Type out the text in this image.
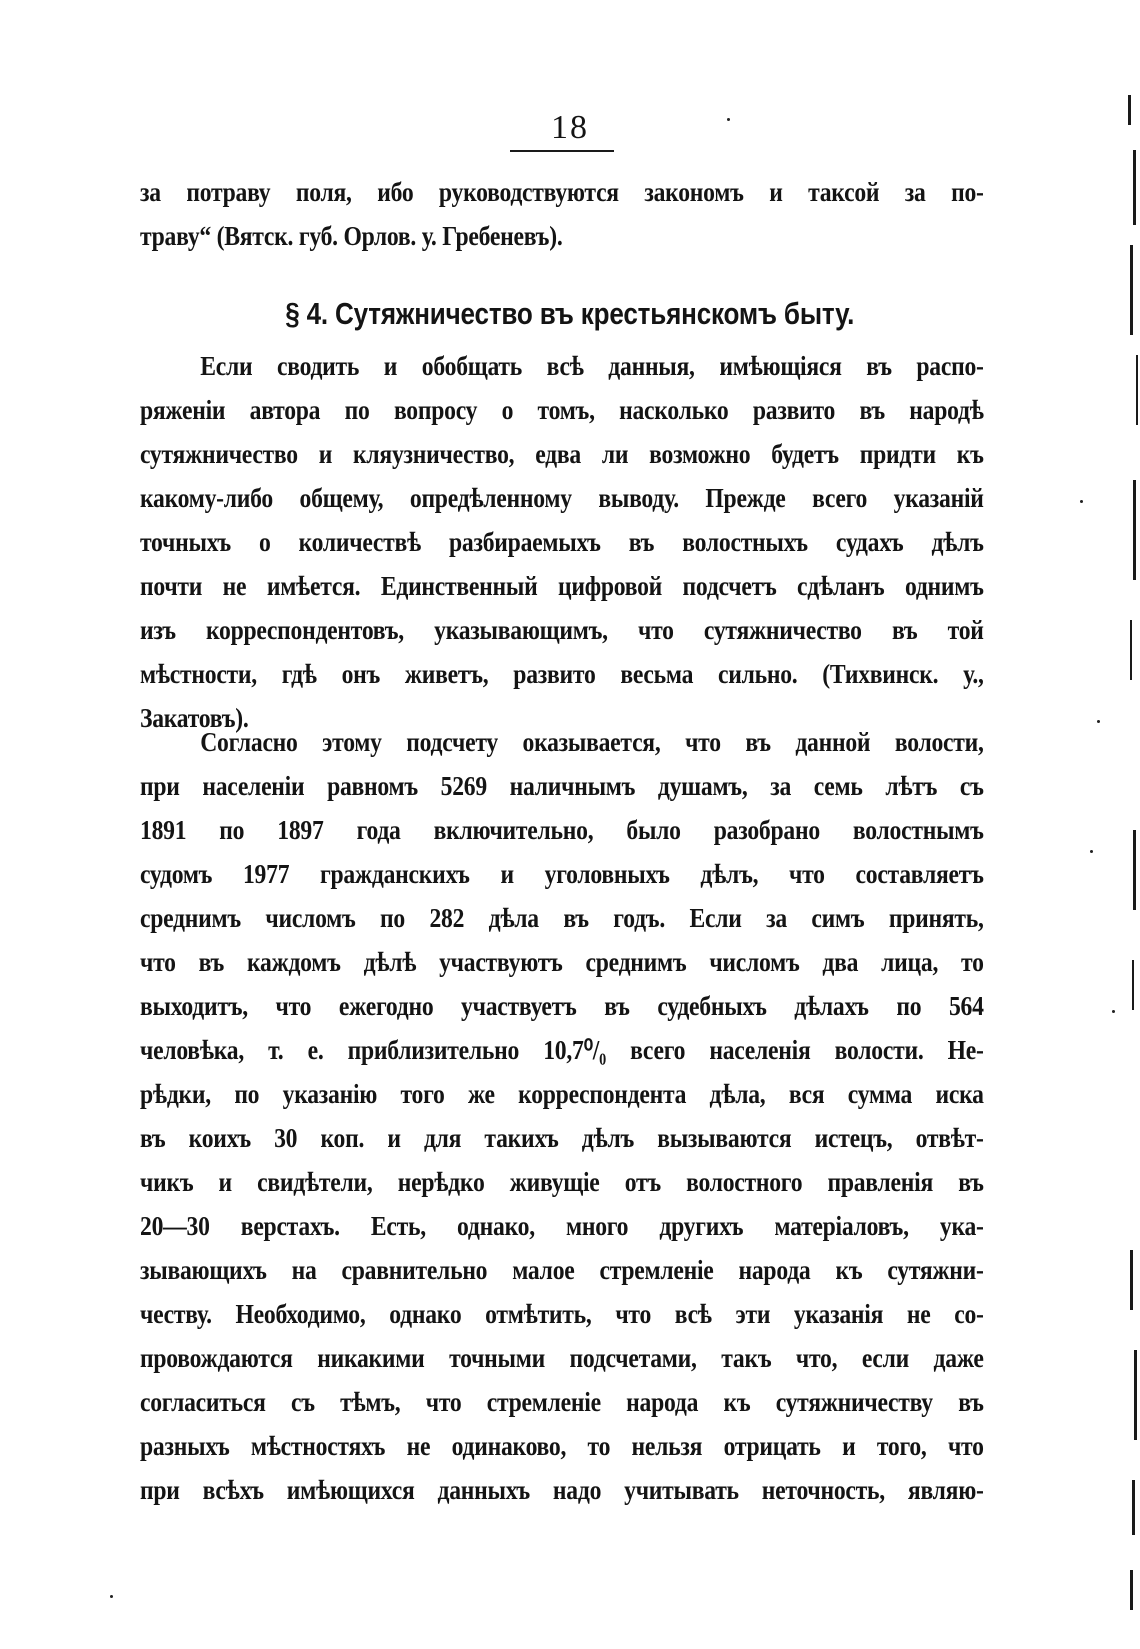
18
за потраву поля, ибо руководствуются закономъ и таксой за по-
траву“ (Вятск. губ. Орлов. у. Гребеневъ).
§ 4. Сутяжничество въ крестьянскомъ быту.
Если сводить и обобщать всѣ данныя, имѣющіяся въ распо-
ряженіи автора по вопросу о томъ, насколько развито въ народѣ
сутяжничество и кляузничество, едва ли возможно будетъ придти къ
какому-либо общему, опредѣленному выводу. Прежде всего указаній
точныхъ о количествѣ разбираемыхъ въ волостныхъ судахъ дѣлъ
почти не имѣется. Единственный цифровой подсчетъ сдѣланъ однимъ
изъ корреспондентовъ, указывающимъ, что сутяжничество въ той
мѣстности, гдѣ онъ живетъ, развито весьма сильно. (Тихвинск. у.,
Закатовъ).
Согласно этому подсчету оказывается, что въ данной волости,
при населеніи равномъ 5269 наличнымъ душамъ, за семь лѣтъ съ
1891 по 1897 года включительно, было разобрано волостнымъ
судомъ 1977 гражданскихъ и уголовныхъ дѣлъ, что составляетъ
среднимъ числомъ по 282 дѣла въ годъ. Если за симъ принять,
что въ каждомъ дѣлѣ участвуютъ среднимъ числомъ два лица, то
выходитъ, что ежегодно участвуетъ въ судебныхъ дѣлахъ по 564
человѣка, т. е. приблизительно 10,7⁰/₀ всего населенія волости. Не-
рѣдки, по указанію того же корреспондента дѣла, вся сумма иска
въ коихъ 30 коп. и для такихъ дѣлъ вызываются истецъ, отвѣт-
чикъ и свидѣтели, нерѣдко живущіе отъ волостного правленія въ
20—30 верстахъ. Есть, однако, много другихъ матеріаловъ, ука-
зывающихъ на сравнительно малое стремленіе народа къ сутяжни-
честву. Необходимо, однако отмѣтить, что всѣ эти указанія не со-
провождаются никакими точными подсчетами, такъ что, если даже
согласиться съ тѣмъ, что стремленіе народа къ сутяжничеству въ
разныхъ мѣстностяхъ не одинаково, то нельзя отрицать и того, что
при всѣхъ имѣющихся данныхъ надо учитывать неточность, являю-
